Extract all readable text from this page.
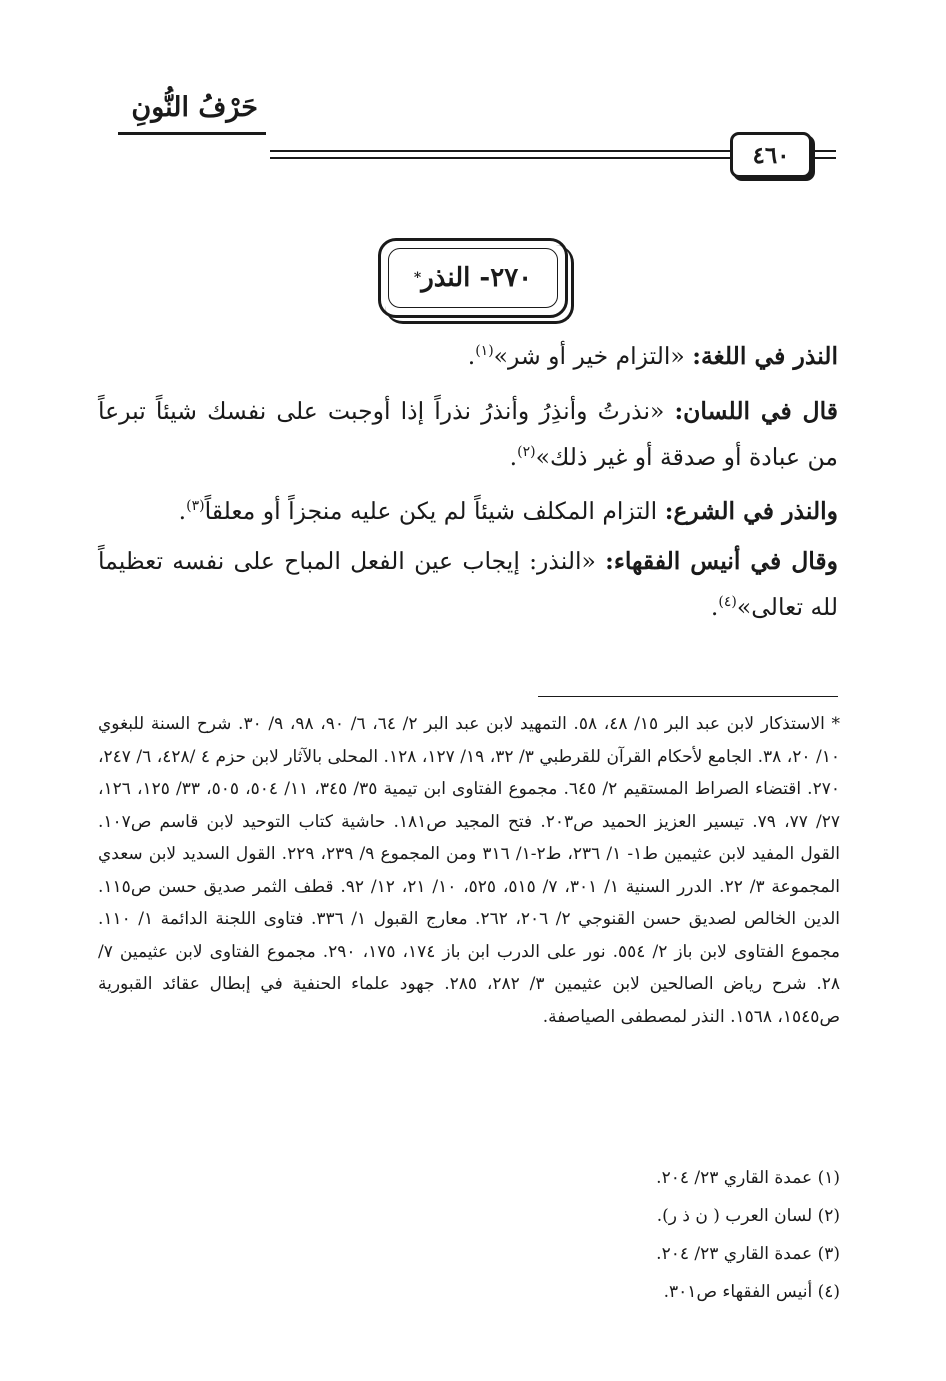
حَرْفُ النُّونِ
٤٦٠
٢٧٠- النذر
*
النذر في اللغة: «التزام خير أو شر»$^{(١)}$.
قال في اللسان: «نذرتُ وأنذِرُ وأنذرُ نذراً إذا أوجبت على نفسك شيئاً تبرعاً من عبادة أو صدقة أو غير ذلك»$^{(٢)}$.
والنذر في الشرع: التزام المكلف شيئاً لم يكن عليه منجزاً أو معلقاً$^{(٣)}$.
وقال في أنيس الفقهاء: «النذر: إيجاب عين الفعل المباح على نفسه تعظيماً لله تعالى»$^{(٤)}$.
* الاستذكار لابن عبد البر ١٥/ ٤٨، ٥٨. التمهيد لابن عبد البر ٢/ ٦٤، ٦/ ٩٠، ٩٨، ٩/ ٣٠. شرح السنة للبغوي ١٠/ ٢٠، ٣٨. الجامع لأحكام القرآن للقرطبي ٣/ ٣٢، ١٩/ ١٢٧، ١٢٨. المحلى بالآثار لابن حزم ٤ /٤٢٨، ٦/ ٢٤٧، ٢٧٠. اقتضاء الصراط المستقيم ٢/ ٦٤٥. مجموع الفتاوى ابن تيمية ٣٥/ ٣٤٥، ١١/ ٥٠٤، ٥٠٥، ٣٣/ ١٢٥، ١٢٦، ٢٧/ ٧٧، ٧٩. تيسير العزيز الحميد ص٢٠٣. فتح المجيد ص١٨١. حاشية كتاب التوحيد لابن قاسم ص١٠٧. القول المفيد لابن عثيمين ط١- ١/ ٢٣٦، ط٢-١/ ٣١٦ ومن المجموع ٩/ ٢٣٩، ٢٢٩. القول السديد لابن سعدي المجموعة ٣/ ٢٢. الدرر السنية ١/ ٣٠١، ٧/ ٥١٥، ٥٢٥، ١٠/ ٢١، ١٢/ ٩٢. قطف الثمر صديق حسن ص١١٥. الدين الخالص لصديق حسن القنوجي ٢/ ٢٠٦، ٢٦٢. معارج القبول ١/ ٣٣٦. فتاوى اللجنة الدائمة ١/ ١١٠. مجموع الفتاوى لابن باز ٢/ ٥٥٤. نور على الدرب ابن باز ١٧٤، ١٧٥، ٢٩٠. مجموع الفتاوى لابن عثيمين ٧/ ٢٨. شرح رياض الصالحين لابن عثيمين ٣/ ٢٨٢، ٢٨٥. جهود علماء الحنفية في إبطال عقائد القبورية ص١٥٤٥، ١٥٦٨. النذر لمصطفى الصياصفة.
(١) عمدة القاري ٢٣/ ٢٠٤.
(٢) لسان العرب ( ن ذ ر).
(٣) عمدة القاري ٢٣/ ٢٠٤.
(٤) أنيس الفقهاء ص٣٠١.
